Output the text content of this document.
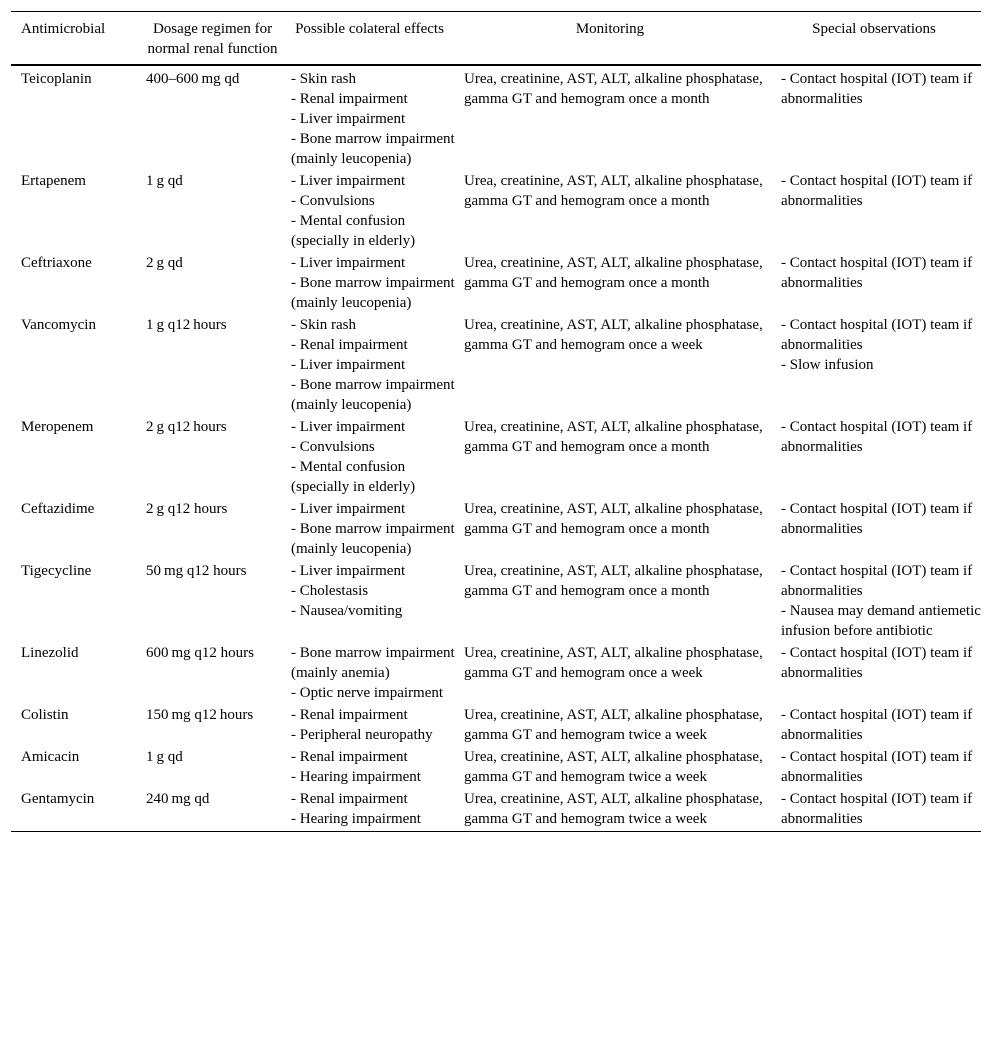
Antimicrobial	Dosage regimen for normal renal function	Possible colateral effects	Monitoring	Special observations
Teicoplanin	400–600 mg qd	- Skin rash
- Renal impairment
- Liver impairment
- Bone marrow impairment (mainly leucopenia)	Urea, creatinine, AST, ALT, alkaline phosphatase, gamma GT and hemogram once a month	- Contact hospital (IOT) team if abnormalities

Ertapenem	1 g qd	- Liver impairment
- Convulsions
- Mental confusion (specially in elderly)	Urea, creatinine, AST, ALT, alkaline phosphatase, gamma GT and hemogram once a month	- Contact hospital (IOT) team if abnormalities

Ceftriaxone	2 g qd	- Liver impairment
- Bone marrow impairment (mainly leucopenia)	Urea, creatinine, AST, ALT, alkaline phosphatase, gamma GT and hemogram once a month	- Contact hospital (IOT) team if abnormalities

Vancomycin	1 g q12 hours	- Skin rash
- Renal impairment
- Liver impairment
- Bone marrow impairment (mainly leucopenia)	Urea, creatinine, AST, ALT, alkaline phosphatase, gamma GT and hemogram once a week	- Contact hospital (IOT) team if abnormalities
- Slow infusion

Meropenem	2 g q12 hours	- Liver impairment
- Convulsions
- Mental confusion (specially in elderly)	Urea, creatinine, AST, ALT, alkaline phosphatase, gamma GT and hemogram once a month	- Contact hospital (IOT) team if abnormalities

Ceftazidime	2 g q12 hours	- Liver impairment
- Bone marrow impairment (mainly leucopenia)	Urea, creatinine, AST, ALT, alkaline phosphatase, gamma GT and hemogram once a month	- Contact hospital (IOT) team if abnormalities

Tigecycline	50 mg q12 hours	- Liver impairment
- Cholestasis
- Nausea/vomiting	Urea, creatinine, AST, ALT, alkaline phosphatase, gamma GT and hemogram once a month	- Contact hospital (IOT) team if abnormalities
- Nausea may demand antiemetic infusion before antibiotic

Linezolid	600 mg q12 hours	- Bone marrow impairment (mainly anemia)
- Optic nerve impairment	Urea, creatinine, AST, ALT, alkaline phosphatase, gamma GT and hemogram once a week	- Contact hospital (IOT) team if abnormalities

Colistin	150 mg q12 hours	- Renal impairment
- Peripheral neuropathy	Urea, creatinine, AST, ALT, alkaline phosphatase, gamma GT and hemogram twice a week	- Contact hospital (IOT) team if abnormalities

Amicacin	1 g qd	- Renal impairment
- Hearing impairment	Urea, creatinine, AST, ALT, alkaline phosphatase, gamma GT and hemogram twice a week	- Contact hospital (IOT) team if abnormalities

Gentamycin	240 mg qd	- Renal impairment
- Hearing impairment	Urea, creatinine, AST, ALT, alkaline phosphatase, gamma GT and hemogram twice a week	- Contact hospital (IOT) team if abnormalities
